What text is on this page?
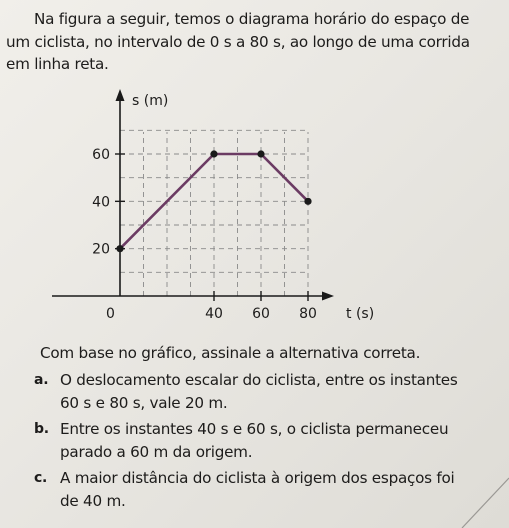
Na figura a seguir, temos o diagrama horário do espaço de
um ciclista, no intervalo de 0 s a 80 s, ao longo de uma corrida
em linha reta.

20
40
60
40 60 80
s (m)
t (s)
0

Com base no gráfico, assinale a alternativa correta.

a. O deslocamento escalar do ciclista, entre os instantes
60 s e 80 s, vale 20 m.
b. Entre os instantes 40 s e 60 s, o ciclista permaneceu
parado a 60 m da origem.
c. A maior distância do ciclista à origem dos espaços foi
de 40 m.
